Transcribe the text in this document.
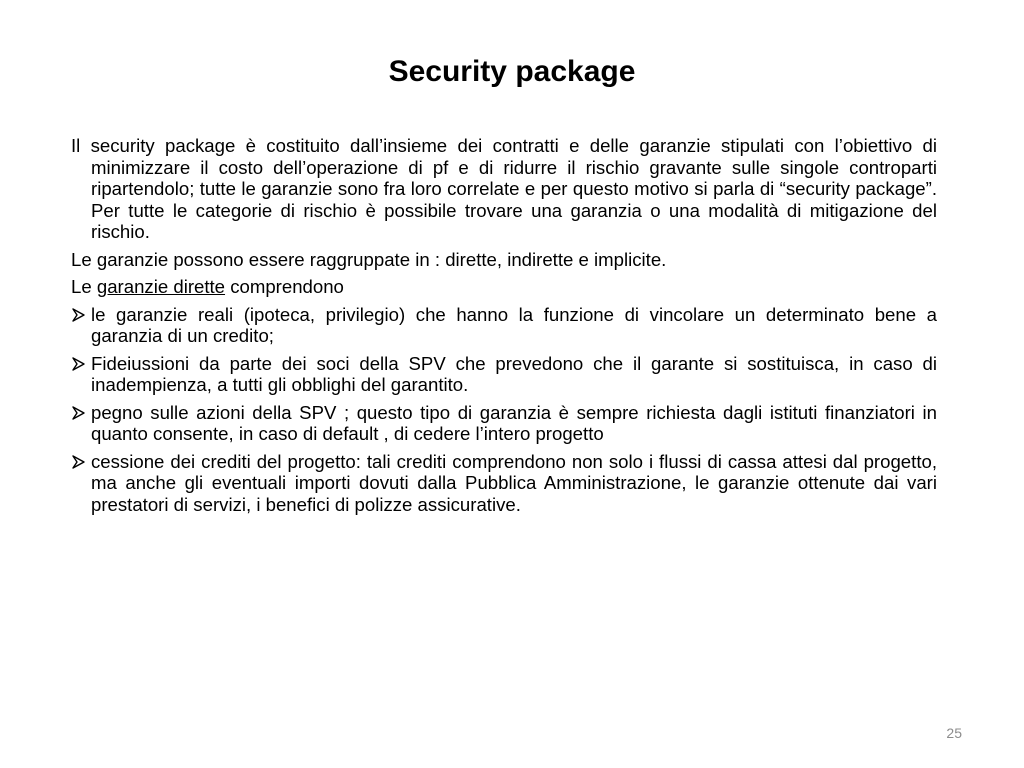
Security package

Il security package è costituito dall’insieme dei contratti e delle garanzie stipulati con l’obiettivo di minimizzare il costo dell’operazione di pf e di ridurre il rischio gravante sulle singole controparti ripartendolo; tutte le garanzie sono fra loro correlate e per questo motivo si parla di “security package”. Per tutte le categorie di rischio è possibile trovare una garanzia o una modalità di mitigazione del rischio.

Le garanzie possono essere raggruppate in : dirette, indirette e implicite.

Le garanzie dirette comprendono

le garanzie reali (ipoteca, privilegio) che hanno la funzione di vincolare un determinato bene a garanzia di un credito;
Fideiussioni da parte dei soci della SPV che prevedono che il garante si sostituisca, in caso di inadempienza, a tutti gli obblighi del garantito.
pegno sulle azioni della SPV ; questo tipo di garanzia è sempre richiesta dagli istituti finanziatori in quanto consente, in caso di default , di cedere l’intero progetto
cessione dei crediti del progetto: tali crediti comprendono non solo i flussi di cassa attesi dal progetto, ma anche gli eventuali importi dovuti dalla Pubblica Amministrazione, le garanzie ottenute dai vari prestatori di servizi, i benefici di polizze assicurative.
25
